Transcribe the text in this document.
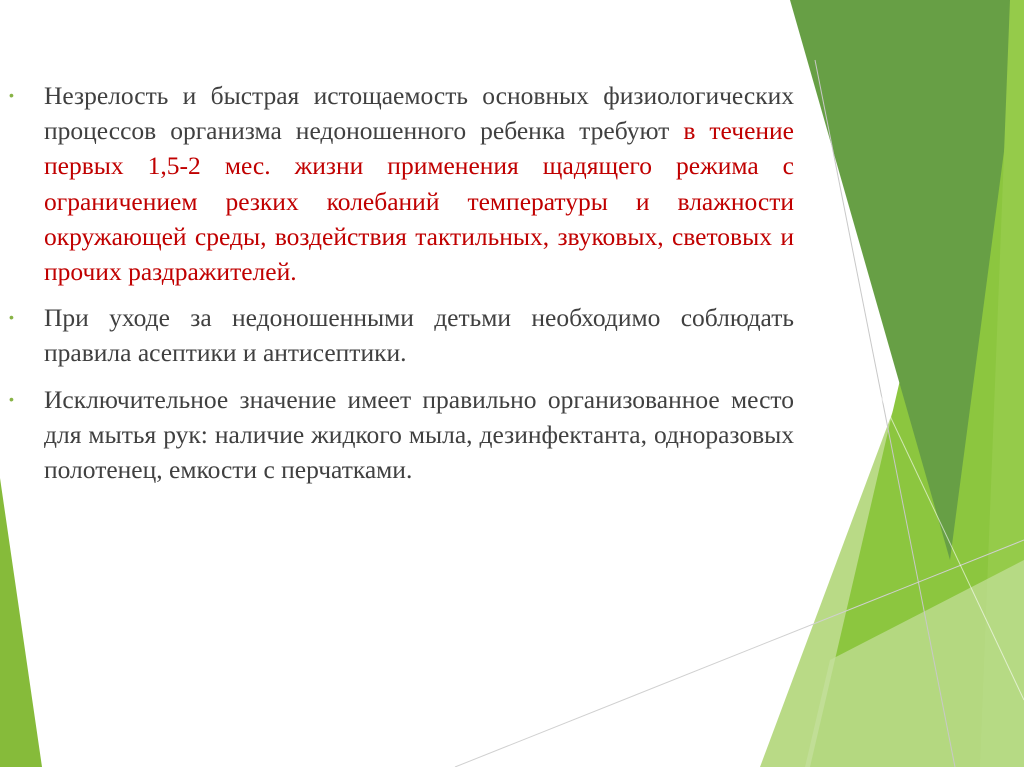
• Незрелость и быстрая истощаемость основных физиологических процессов организма недоношенного ребенка требуют в течение первых 1,5-2 мес. жизни применения щадящего режима с ограничением резких колебаний температуры и влажности окружающей среды, воздействия тактильных, звуковых, световых и прочих раздражителей.
• При уходе за недоношенными детьми необходимо соблюдать правила асептики и антисептики.
• Исключительное значение имеет правильно организованное место для мытья рук: наличие жидкого мыла, дезинфектанта, одноразовых полотенец, емкости с перчатками.
